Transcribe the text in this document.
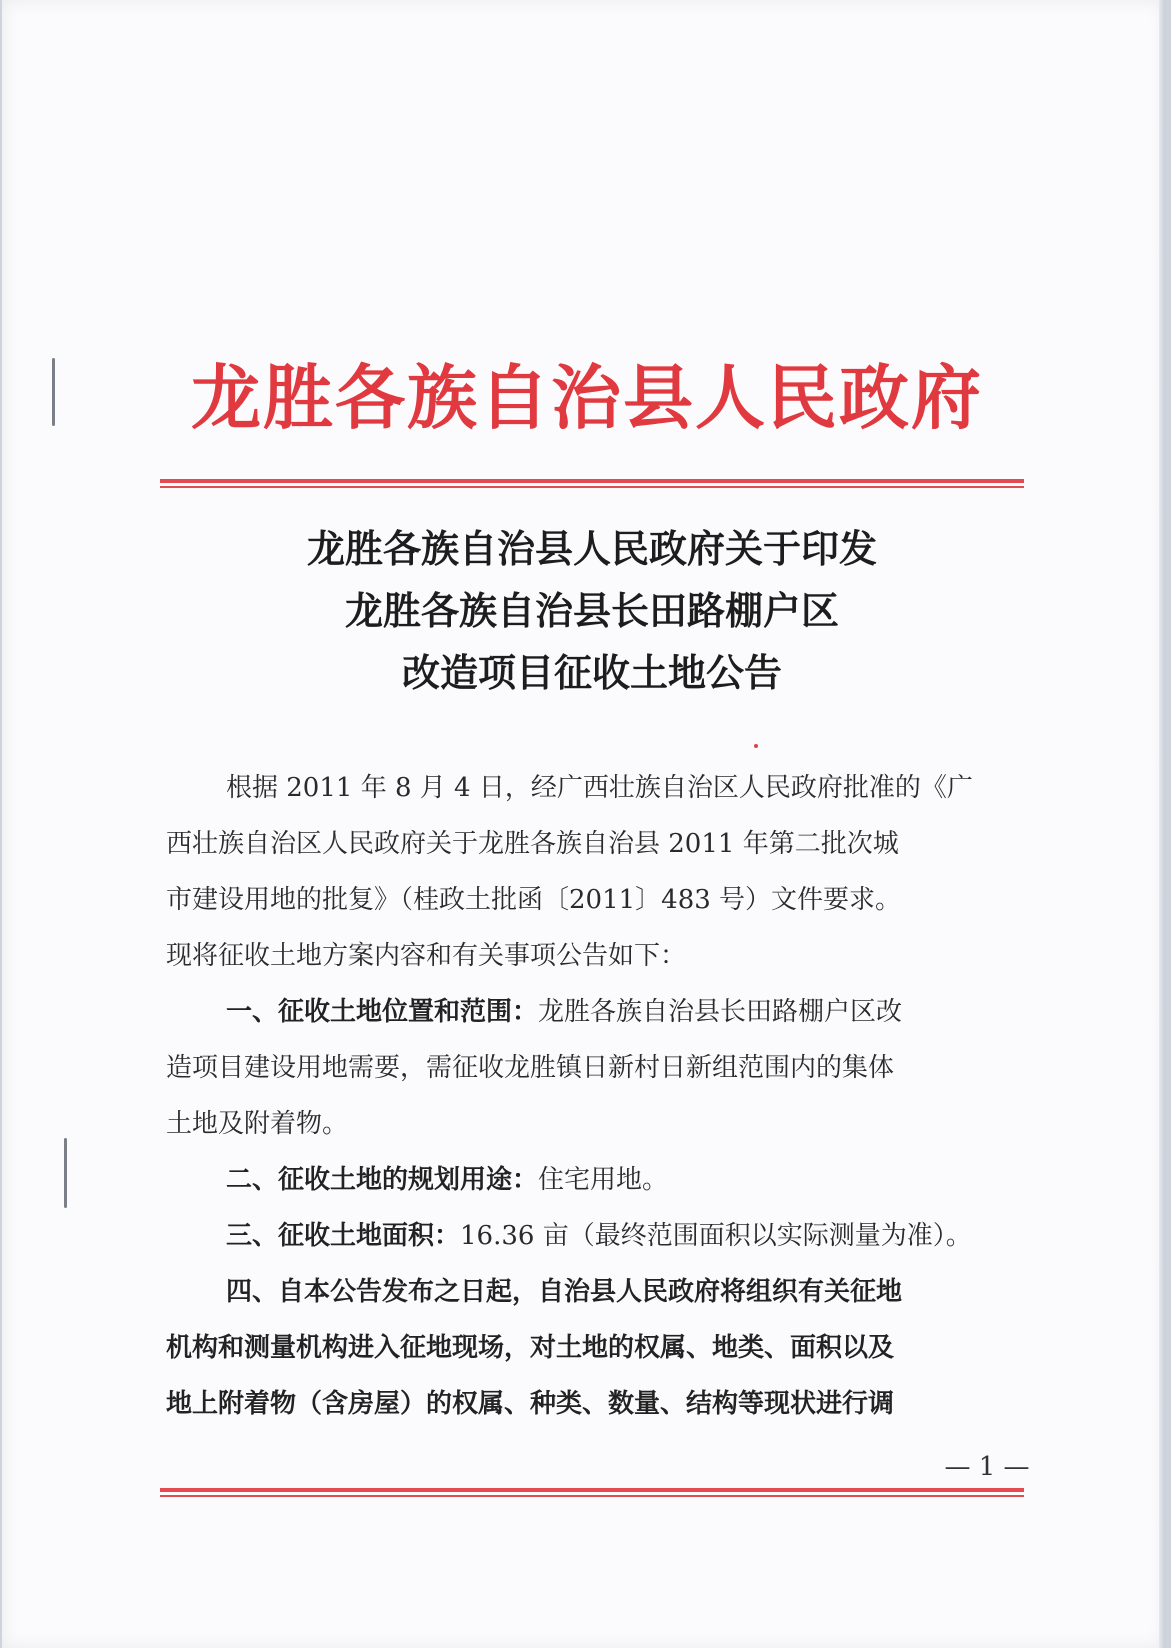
龙胜各族自治县人民政府
龙胜各族自治县人民政府关于印发
龙胜各族自治县长田路棚户区
改造项目征收土地公告
根据 2011 年 8 月 4 日，经广西壮族自治区人民政府批准的《广
西壮族自治区人民政府关于龙胜各族自治县 2011 年第二批次城
市建设用地的批复》（桂政土批函〔2011〕483 号）文件要求。
现将征收土地方案内容和有关事项公告如下：
一、征收土地位置和范围：龙胜各族自治县长田路棚户区改
造项目建设用地需要，需征收龙胜镇日新村日新组范围内的集体
土地及附着物。
二、征收土地的规划用途：住宅用地。
三、征收土地面积：16.36 亩（最终范围面积以实际测量为准）。
四、自本公告发布之日起，自治县人民政府将组织有关征地
机构和测量机构进入征地现场，对土地的权属、地类、面积以及
地上附着物（含房屋）的权属、种类、数量、结构等现状进行调
— 1 —
